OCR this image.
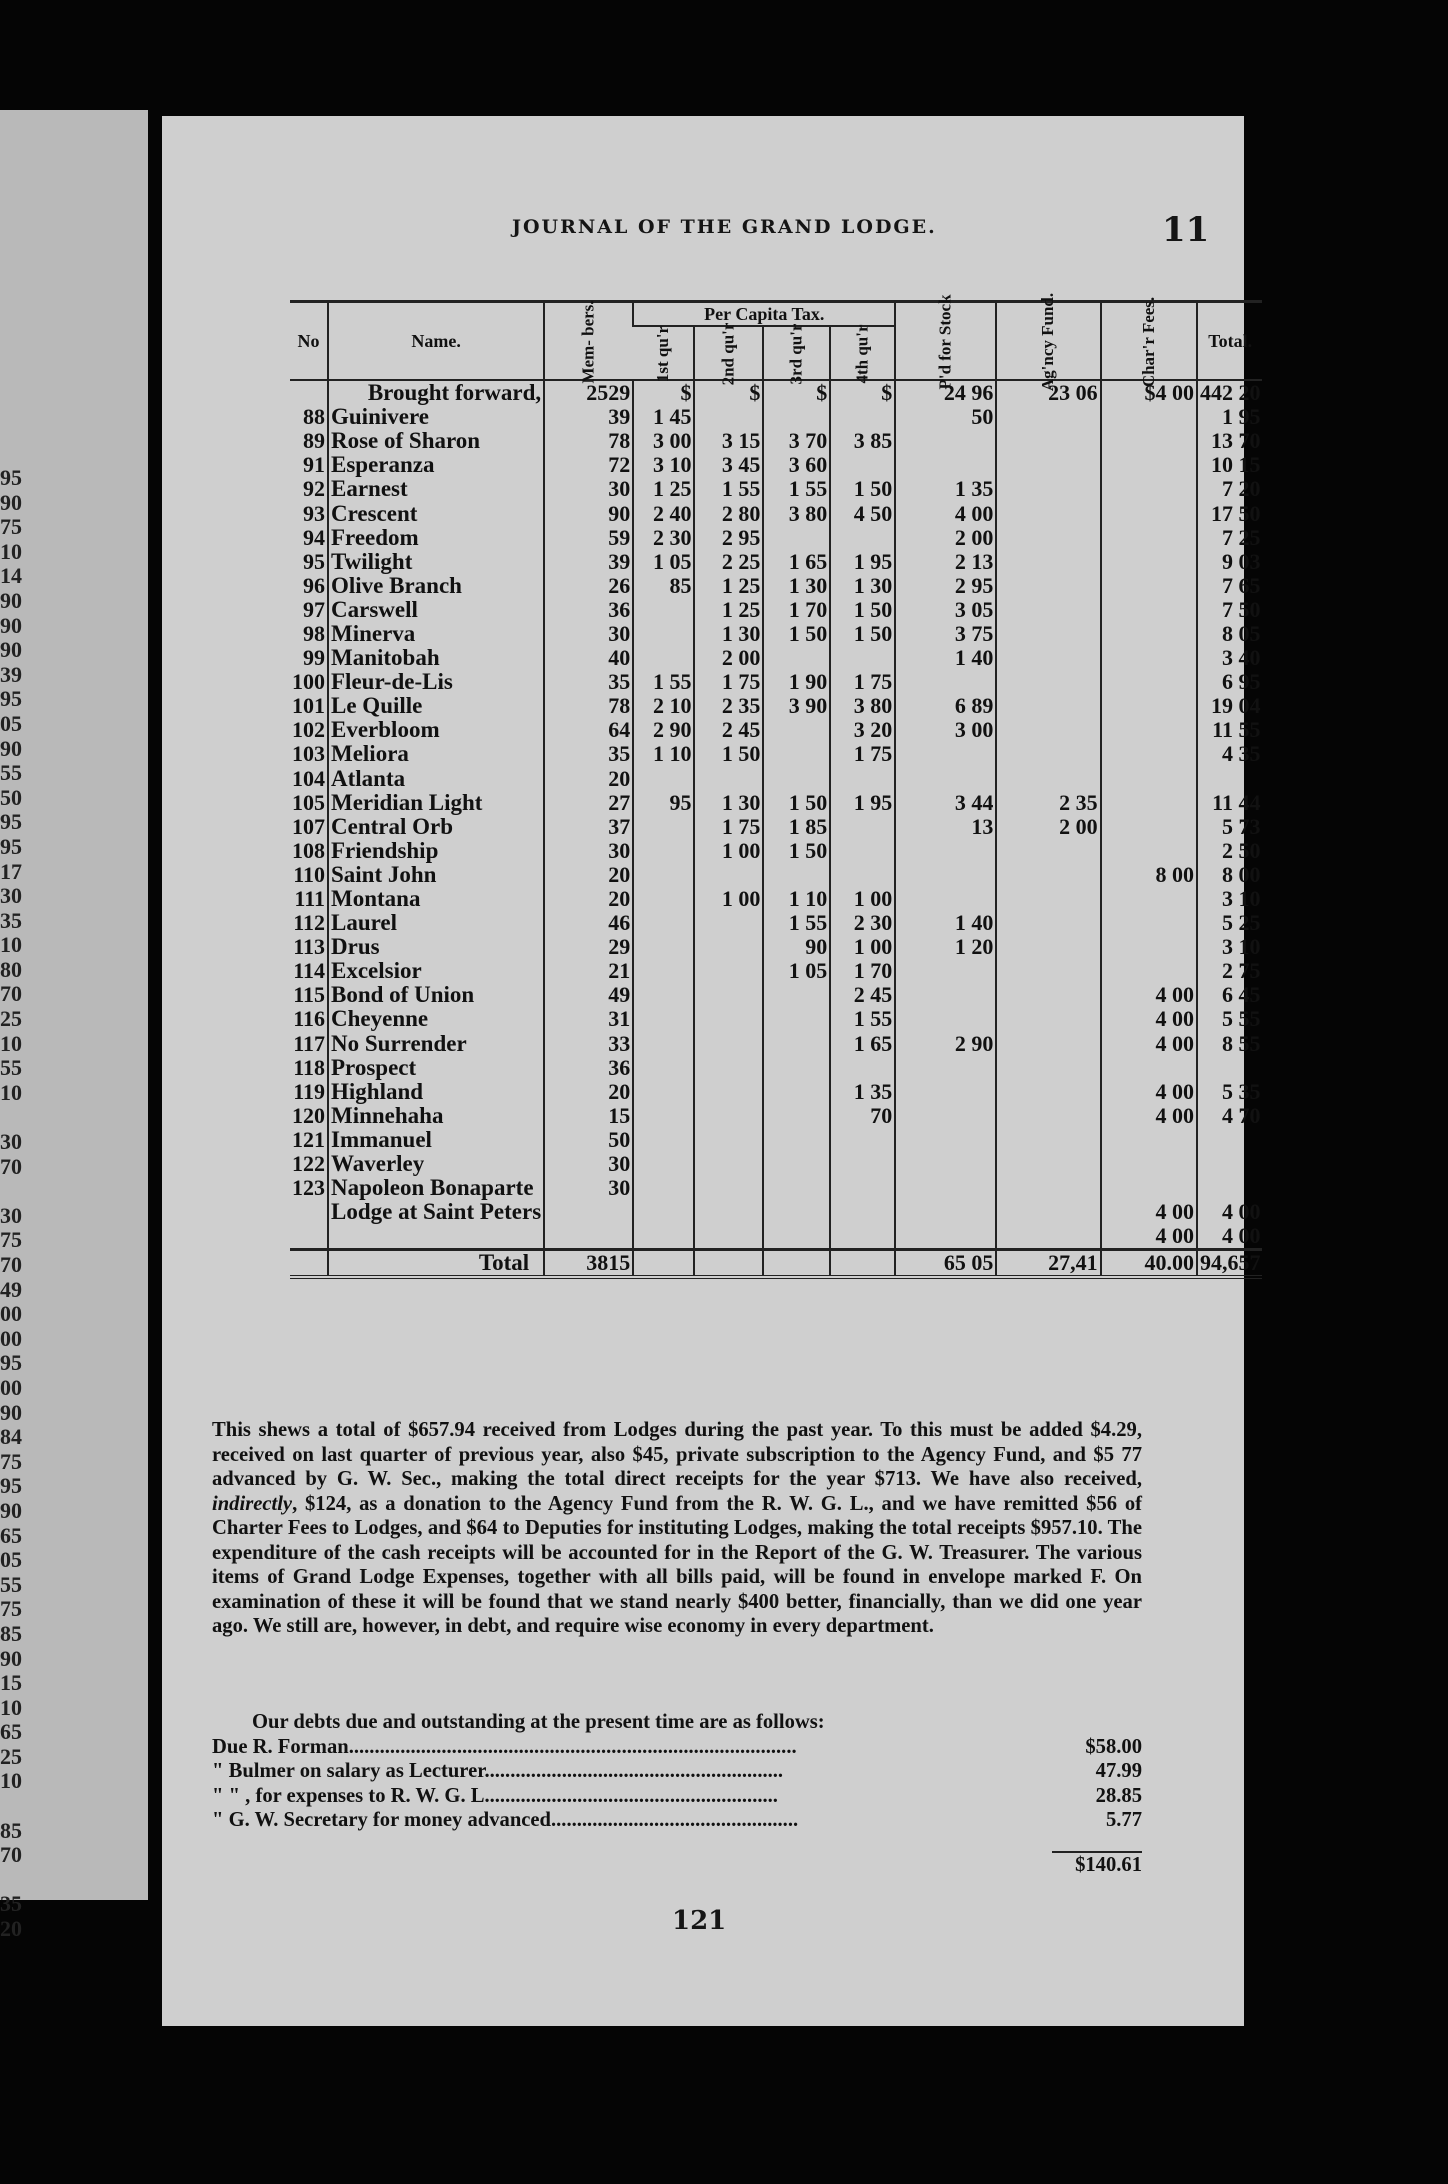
95
90
75
10
14
90
90
90
39
95
05
90
55
50
95
95
17
30
35
10
80
70
25
10
55
10
30
70
30
75
70
49
00
00
95
00
90
84
75
95
90
65
05
55
75
85
90
15
10
65
25
10
85
70
35
20
JOURNAL OF THE GRAND LODGE.	11
No	Name.	Mem- bers.	Per Capita Tax.				P'd for Stock	Ag'ncy Fund.	Char'r Fees.	Total.
			1st qu'r	2nd qu'r	3rd qu'r	4th qu'r				
	Brought forward,	2529	$	$	$	$	24 96	23 06	$4 00	442 20
88	Guinivere	39	1 45				50			1 95
89	Rose of Sharon	78	3 00	3 15	3 70	3 85				13 70
91	Esperanza	72	3 10	3 45	3 60					10 15
92	Earnest	30	1 25	1 55	1 55	1 50	1 35			7 20
93	Crescent	90	2 40	2 80	3 80	4 50	4 00			17 50
94	Freedom	59	2 30	2 95			2 00			7 25
95	Twilight	39	1 05	2 25	1 65	1 95	2 13			9 03
96	Olive Branch	26	85	1 25	1 30	1 30	2 95			7 65
97	Carswell	36		1 25	1 70	1 50	3 05			7 50
98	Minerva	30		1 30	1 50	1 50	3 75			8 05
99	Manitobah	40		2 00			1 40			3 40
100	Fleur-de-Lis	35	1 55	1 75	1 90	1 75				6 95
101	Le Quille	78	2 10	2 35	3 90	3 80	6 89			19 04
102	Everbloom	64	2 90	2 45		3 20	3 00			11 55
103	Meliora	35	1 10	1 50		1 75				4 35
104	Atlanta	20								
105	Meridian Light	27	95	1 30	1 50	1 95	3 44	2 35		11 44
107	Central Orb	37		1 75	1 85		13	2 00		5 73
108	Friendship	30		1 00	1 50					2 50
110	Saint John	20							8 00	8 00
111	Montana	20		1 00	1 10	1 00				3 10
112	Laurel	46			1 55	2 30	1 40			5 25
113	Drus	29			90	1 00	1 20			3 10
114	Excelsior	21			1 05	1 70				2 75
115	Bond of Union	49				2 45			4 00	6 45
116	Cheyenne	31				1 55			4 00	5 55
117	No Surrender	33				1 65	2 90		4 00	8 55
118	Prospect	36								
119	Highland	20				1 35			4 00	5 35
120	Minnehaha	15				70			4 00	4 70
121	Immanuel	50								
122	Waverley	30								
123	Napoleon Bonaparte	30								
	Lodge at Saint Peters								4 00	4 00
									4 00	4 00
	Total	3815					65 05	27,41	40.00	94,657
This shews a total of $657.94 received from Lodges during the past year. To this must be added $4.29, received on last quarter of previous year, also $45, private subscription to the Agency Fund, and $5 77 advanced by G. W. Sec., making the total direct receipts for the year $713. We have also received, indirectly, $124, as a donation to the Agency Fund from the R. W. G. L., and we have remitted $56 of Charter Fees to Lodges, and $64 to Deputies for instituting Lodges, making the total receipts $957.10. The expenditure of the cash receipts will be accounted for in the Report of the G. W. Treasurer. The various items of Grand Lodge Expenses, together with all bills paid, will be found in envelope marked F. On examination of these it will be found that we stand nearly $400 better, financially, than we did one year ago. We still are, however, in debt, and require wise economy in every department.
Our debts due and outstanding at the present time are as follows:
Due R. Forman.......................................................................................	$58.00
" Bulmer on salary as Lecturer..........................................................	47.99
" " , for expenses to R. W. G. L.........................................................	28.85
" G. W. Secretary for money advanced................................................	5.77
$140.61
121
